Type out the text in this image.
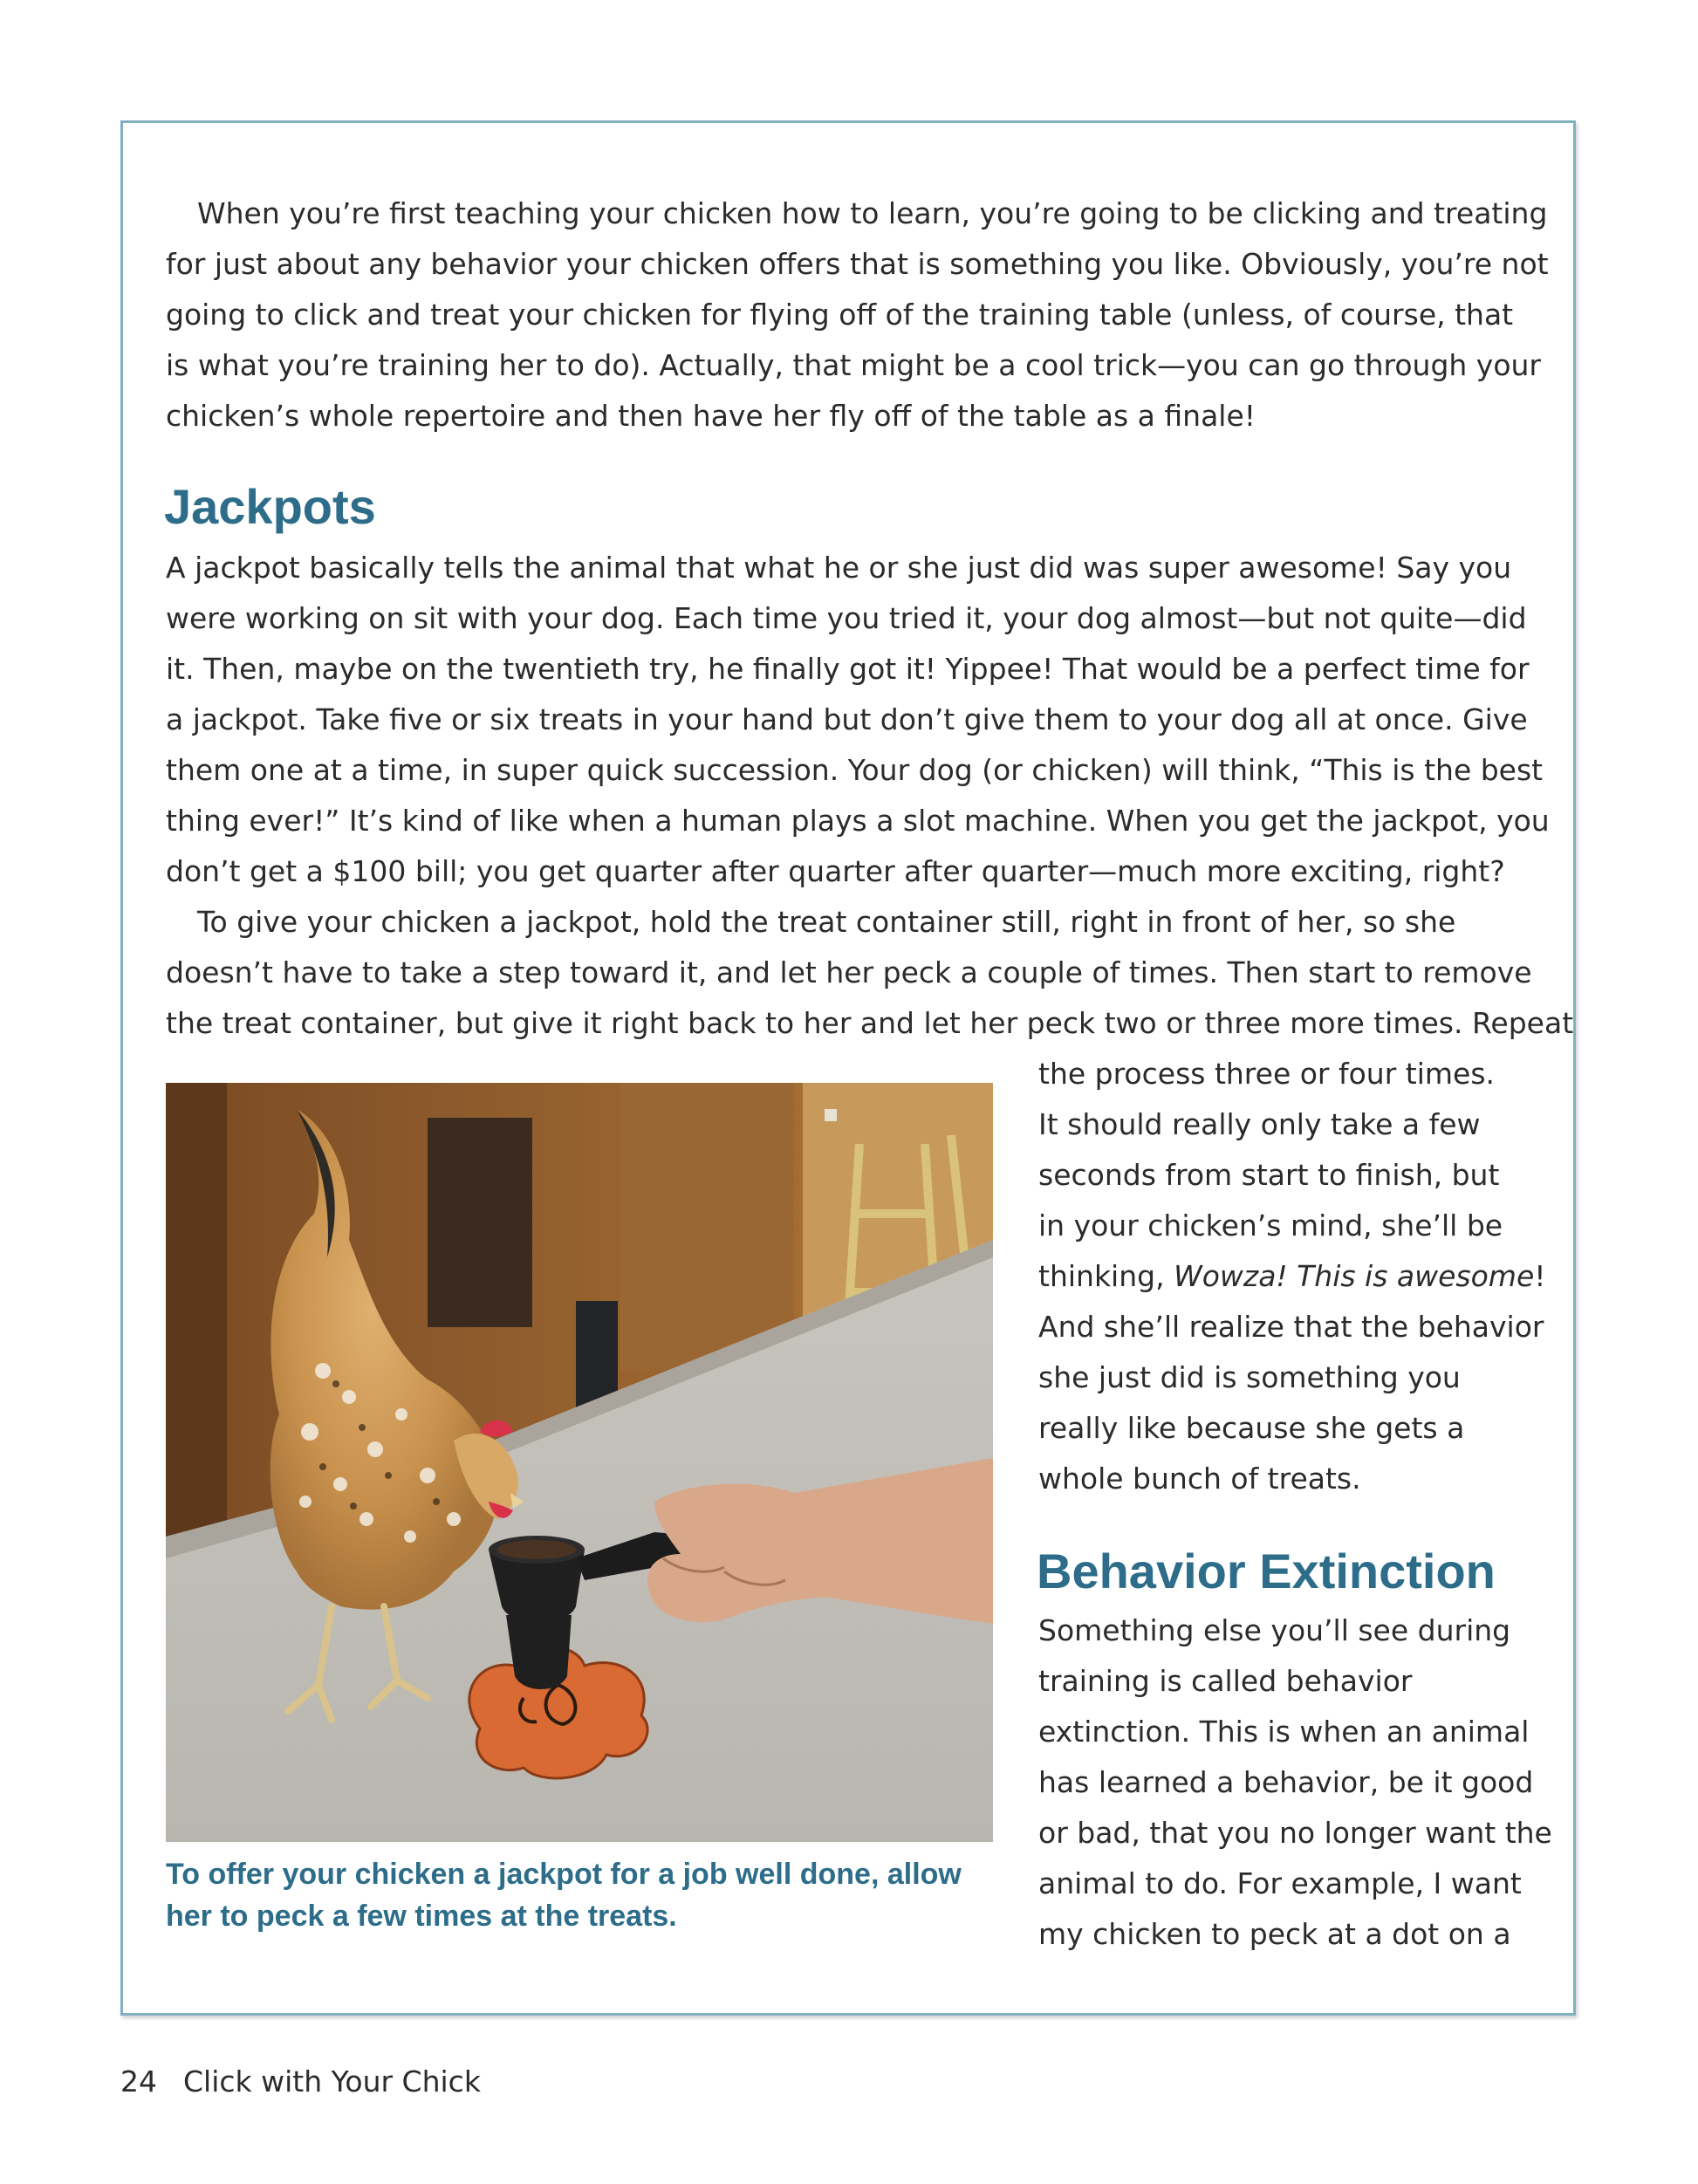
When you’re first teaching your chicken how to learn, you’re going to be clicking and treating
for just about any behavior your chicken offers that is something you like. Obviously, you’re not
going to click and treat your chicken for flying off of the training table (unless, of course, that
is what you’re training her to do). Actually, that might be a cool trick—you can go through your
chicken’s whole repertoire and then have her fly off of the table as a finale!
Jackpots
A jackpot basically tells the animal that what he or she just did was super awesome! Say you
were working on sit with your dog. Each time you tried it, your dog almost—but not quite—did
it. Then, maybe on the twentieth try, he finally got it! Yippee! That would be a perfect time for
a jackpot. Take five or six treats in your hand but don’t give them to your dog all at once. Give
them one at a time, in super quick succession. Your dog (or chicken) will think, “This is the best
thing ever!” It’s kind of like when a human plays a slot machine. When you get the jackpot, you
don’t get a $100 bill; you get quarter after quarter after quarter—much more exciting, right?
To give your chicken a jackpot, hold the treat container still, right in front of her, so she
doesn’t have to take a step toward it, and let her peck a couple of times. Then start to remove
the treat container, but give it right back to her and let her peck two or three more times. Repeat
the process three or four times.
It should really only take a few
seconds from start to finish, but
in your chicken’s mind, she’ll be
thinking, Wowza! This is awesome!
And she’ll realize that the behavior
she just did is something you
really like because she gets a
whole bunch of treats.
Behavior Extinction
Something else you’ll see during
training is called behavior
extinction. This is when an animal
has learned a behavior, be it good
or bad, that you no longer want the
animal to do. For example, I want
my chicken to peck at a dot on a
To offer your chicken a jackpot for a job well done, allow her to peck a few times at the treats.
24 Click with Your Chick
